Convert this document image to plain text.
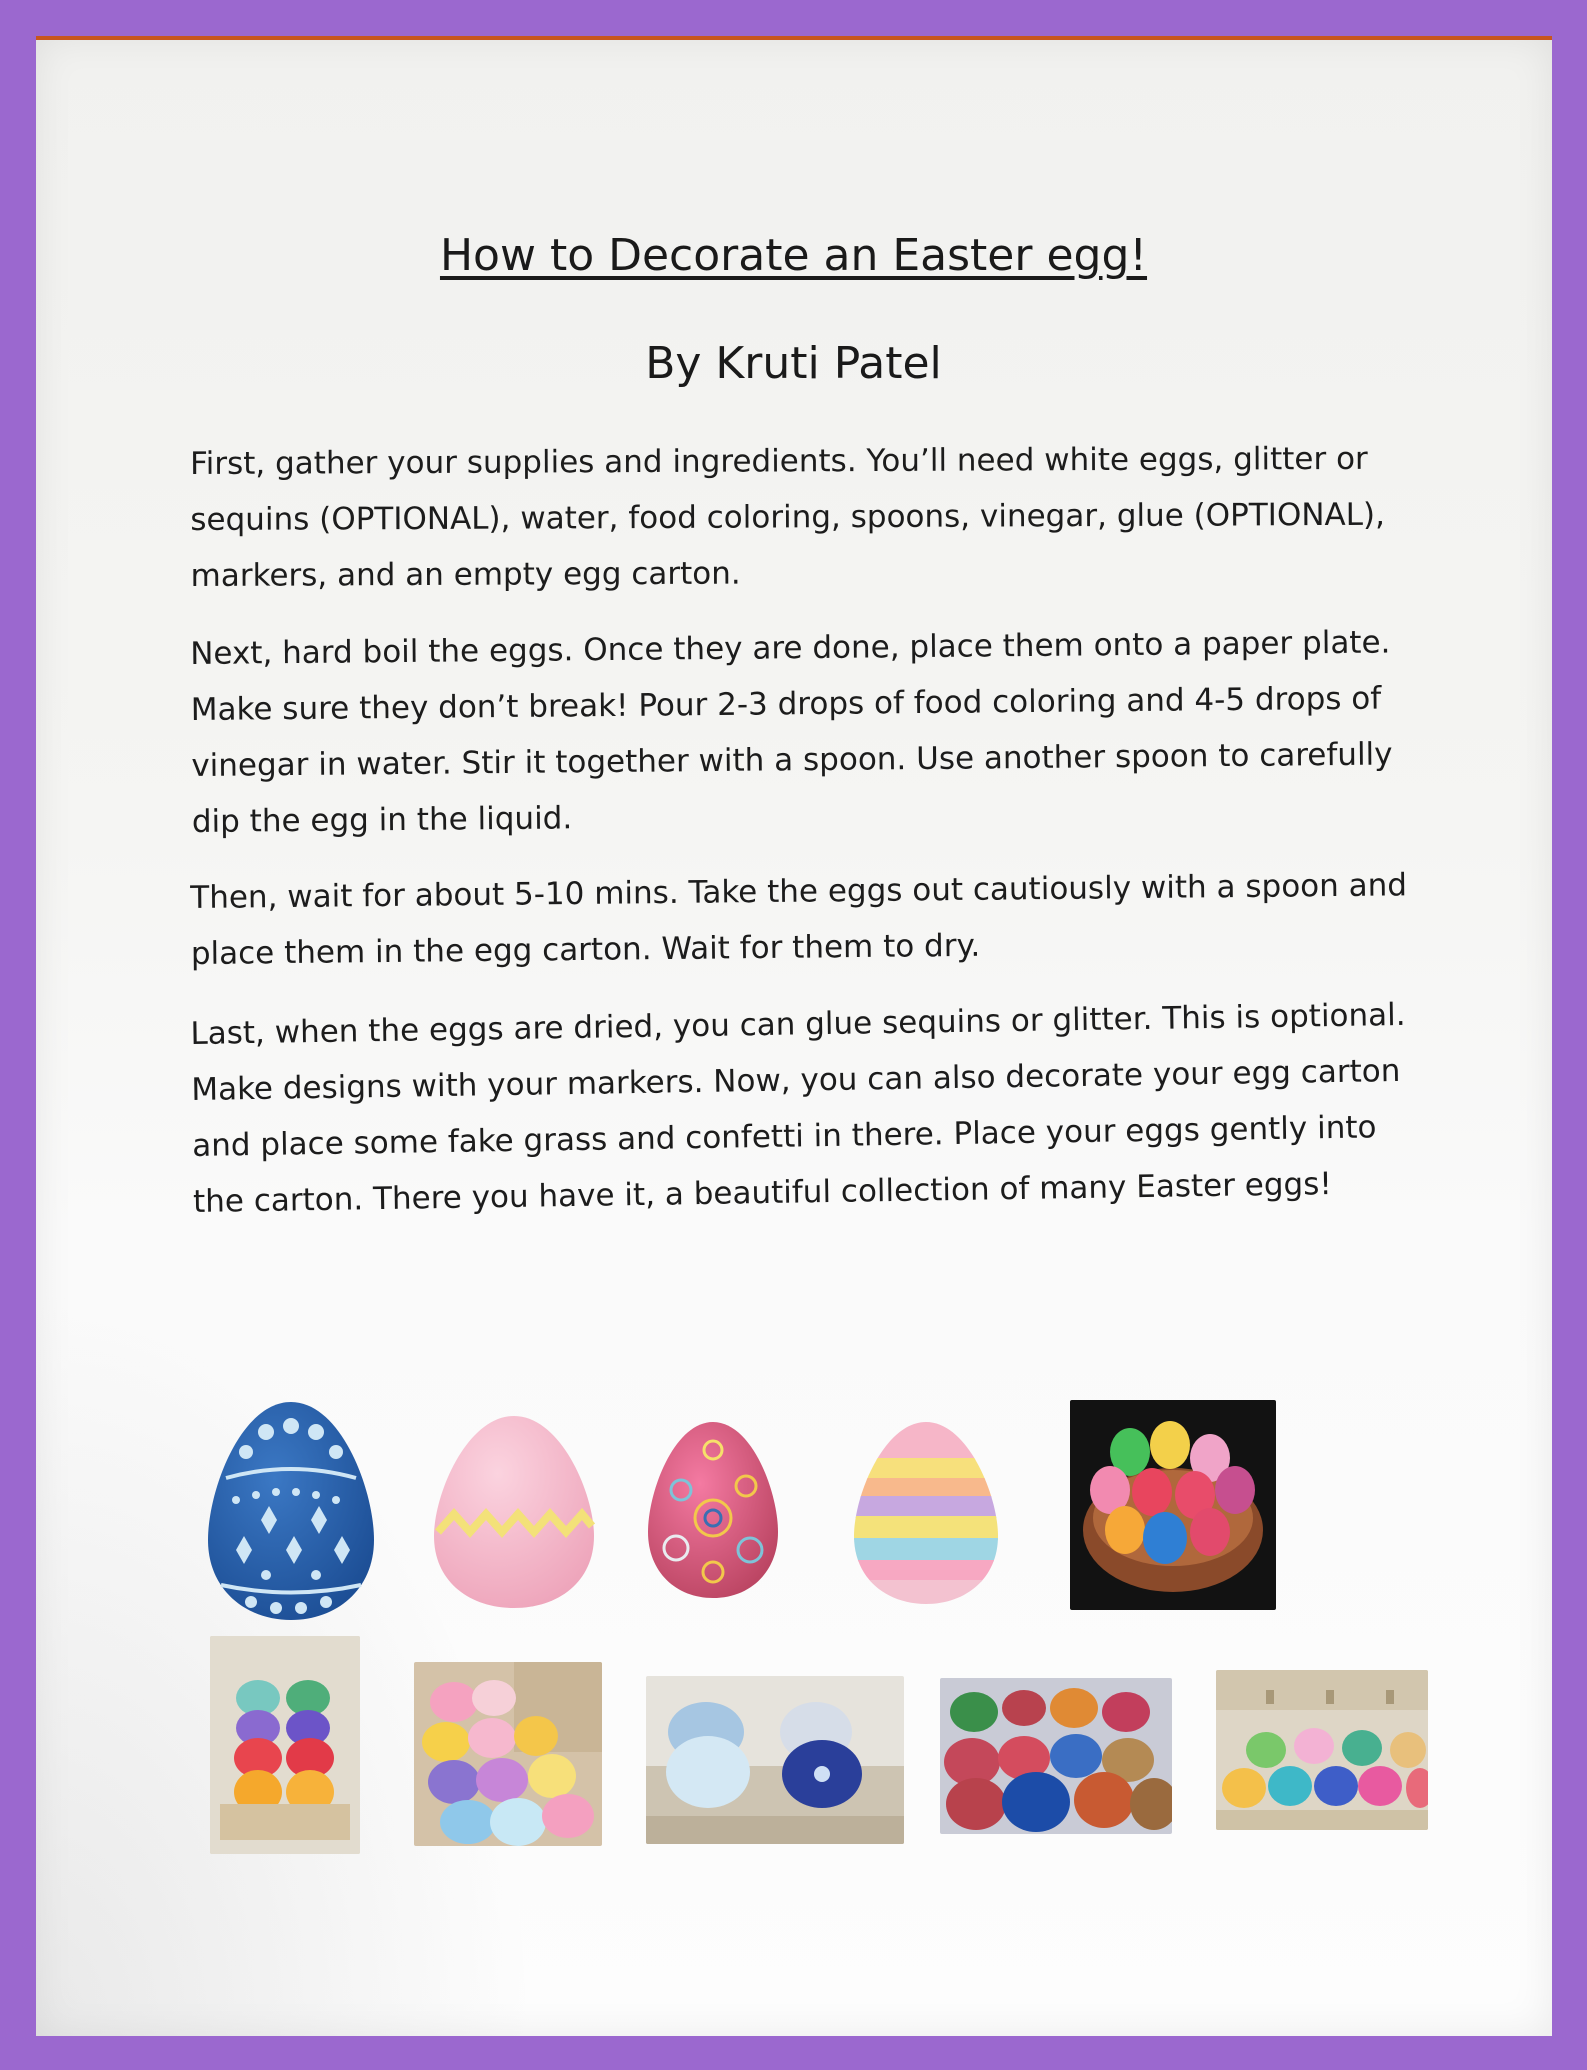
How to Decorate an Easter egg!
By Kruti Patel
First, gather your supplies and ingredients. You’ll need white eggs, glitter or sequins (OPTIONAL), water, food coloring, spoons, vinegar, glue (OPTIONAL), markers, and an empty egg carton.
Next, hard boil the eggs. Once they are done, place them onto a paper plate. Make sure they don’t break! Pour 2-3 drops of food coloring and 4-5 drops of vinegar in water. Stir it together with a spoon. Use another spoon to carefully dip the egg in the liquid.
Then, wait for about 5-10 mins. Take the eggs out cautiously with a spoon and place them in the egg carton. Wait for them to dry.
Last, when the eggs are dried, you can glue sequins or glitter. This is optional. Make designs with your markers. Now, you can also decorate your egg carton and place some fake grass and confetti in there. Place your eggs gently into the carton. There you have it, a beautiful collection of many Easter eggs!
